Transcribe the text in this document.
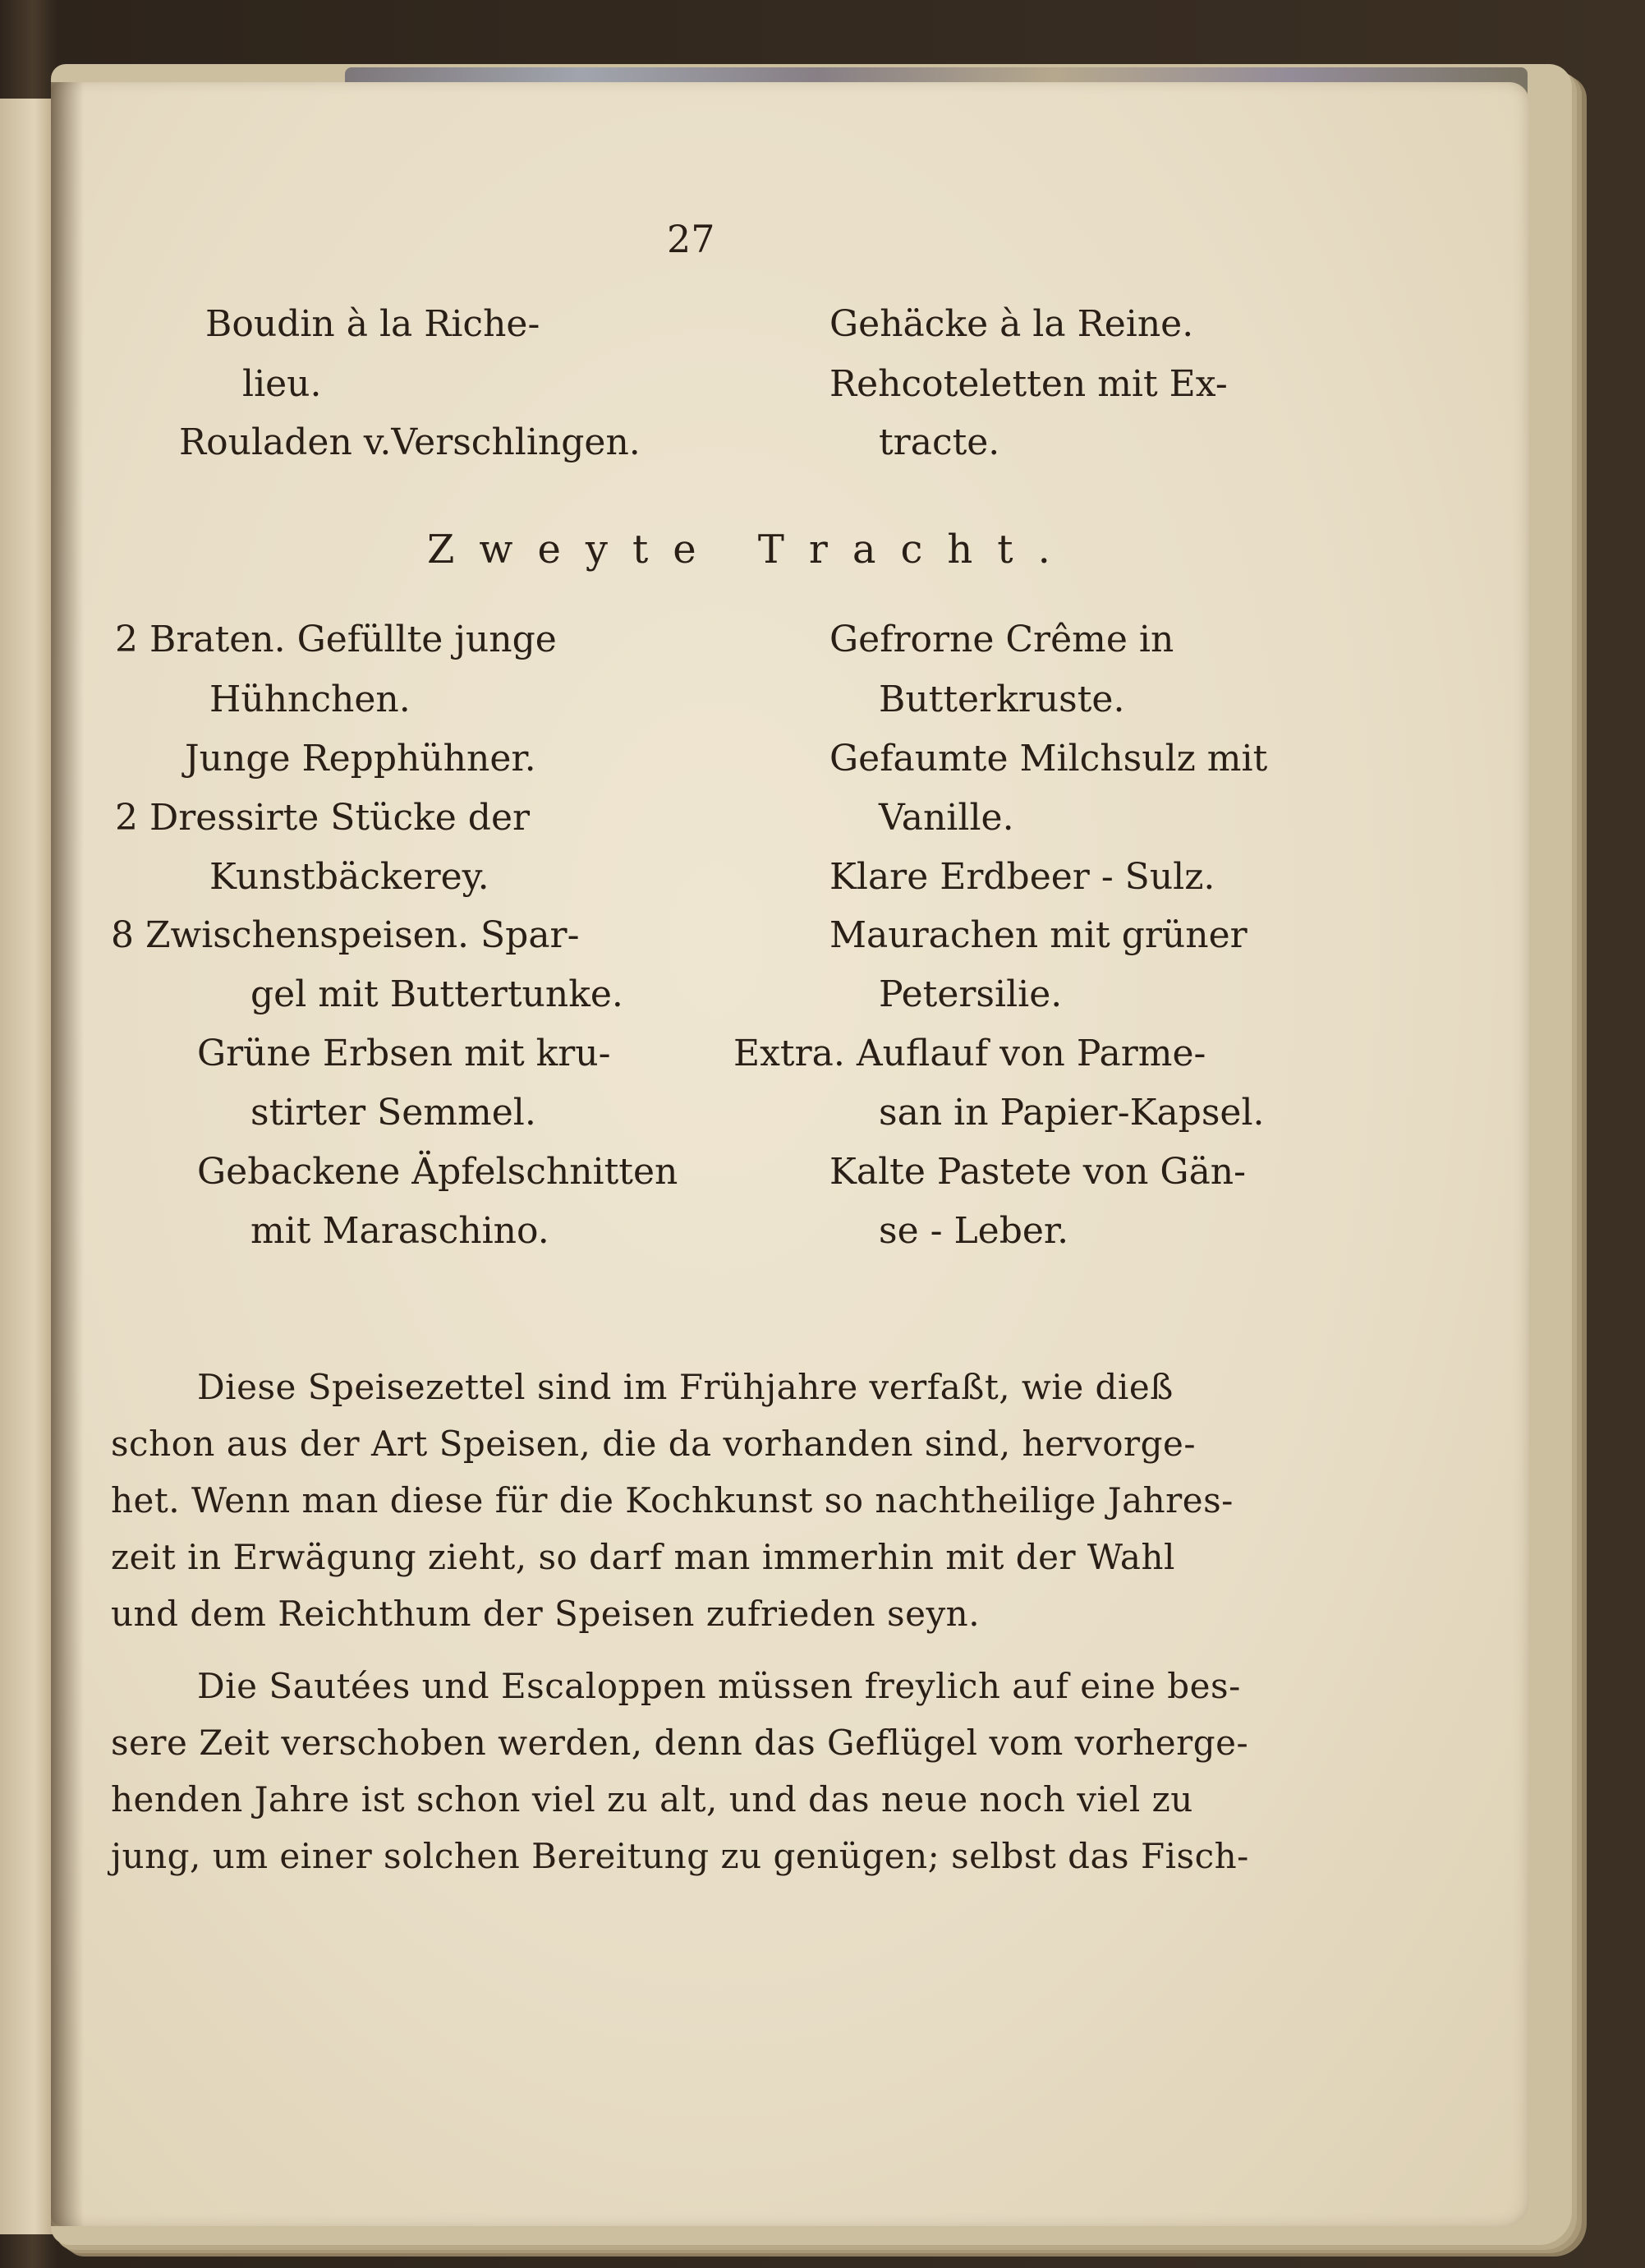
27
Boudin à la Riche-
lieu.
Rouladen v.Verschlingen.
Gehäcke à la Reine.
Rehcoteletten mit Ex-
tracte.
Zweyte Tracht.
2 Braten. Gefüllte junge
Hühnchen.
Junge Repphühner.
2 Dressirte Stücke der
Kunstbäckerey.
8 Zwischenspeisen. Spar-
gel mit Buttertunke.
Grüne Erbsen mit kru-
stirter Semmel.
Gebackene Äpfelschnitten
mit Maraschino.
Gefrorne Crême in
Butterkruste.
Gefaumte Milchsulz mit
Vanille.
Klare Erdbeer - Sulz.
Maurachen mit grüner
Petersilie.
Extra. Auflauf von Parme-
san in Papier-Kapsel.
Kalte Pastete von Gän-
se - Leber.
Diese Speisezettel sind im Frühjahre verfaßt, wie dieß
schon aus der Art Speisen, die da vorhanden sind, hervorge-
het. Wenn man diese für die Kochkunst so nachtheilige Jahres-
zeit in Erwägung zieht, so darf man immerhin mit der Wahl
und dem Reichthum der Speisen zufrieden seyn.
Die Sautées und Escaloppen müssen freylich auf eine bes-
sere Zeit verschoben werden, denn das Geflügel vom vorherge-
henden Jahre ist schon viel zu alt, und das neue noch viel zu
jung, um einer solchen Bereitung zu genügen; selbst das Fisch-
